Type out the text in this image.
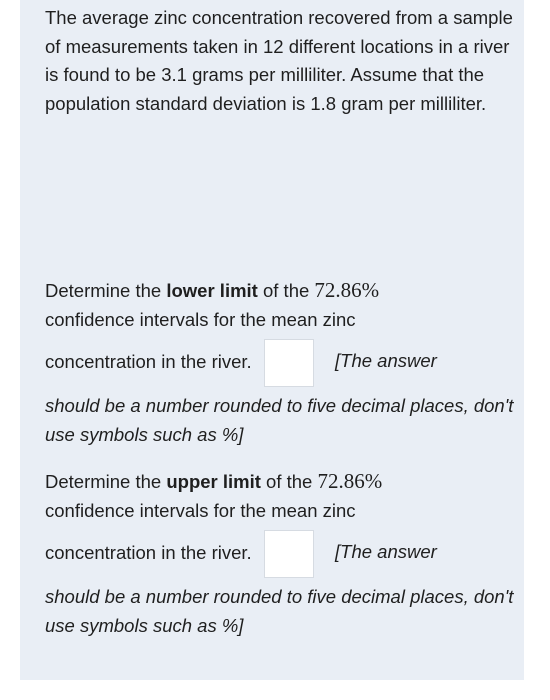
The average zinc concentration recovered from a sample of measurements taken in 12 different locations in a river is found to be 3.1 grams per milliliter. Assume that the population standard deviation is 1.8 gram per milliliter.
Determine the lower limit of the 72.86%
confidence intervals for the mean zinc
concentration in the river.	[The answer
should be a number rounded to five decimal places, don't use symbols such as %]
Determine the upper limit of the 72.86%
confidence intervals for the mean zinc
concentration in the river.	[The answer
should be a number rounded to five decimal places, don't use symbols such as %]
